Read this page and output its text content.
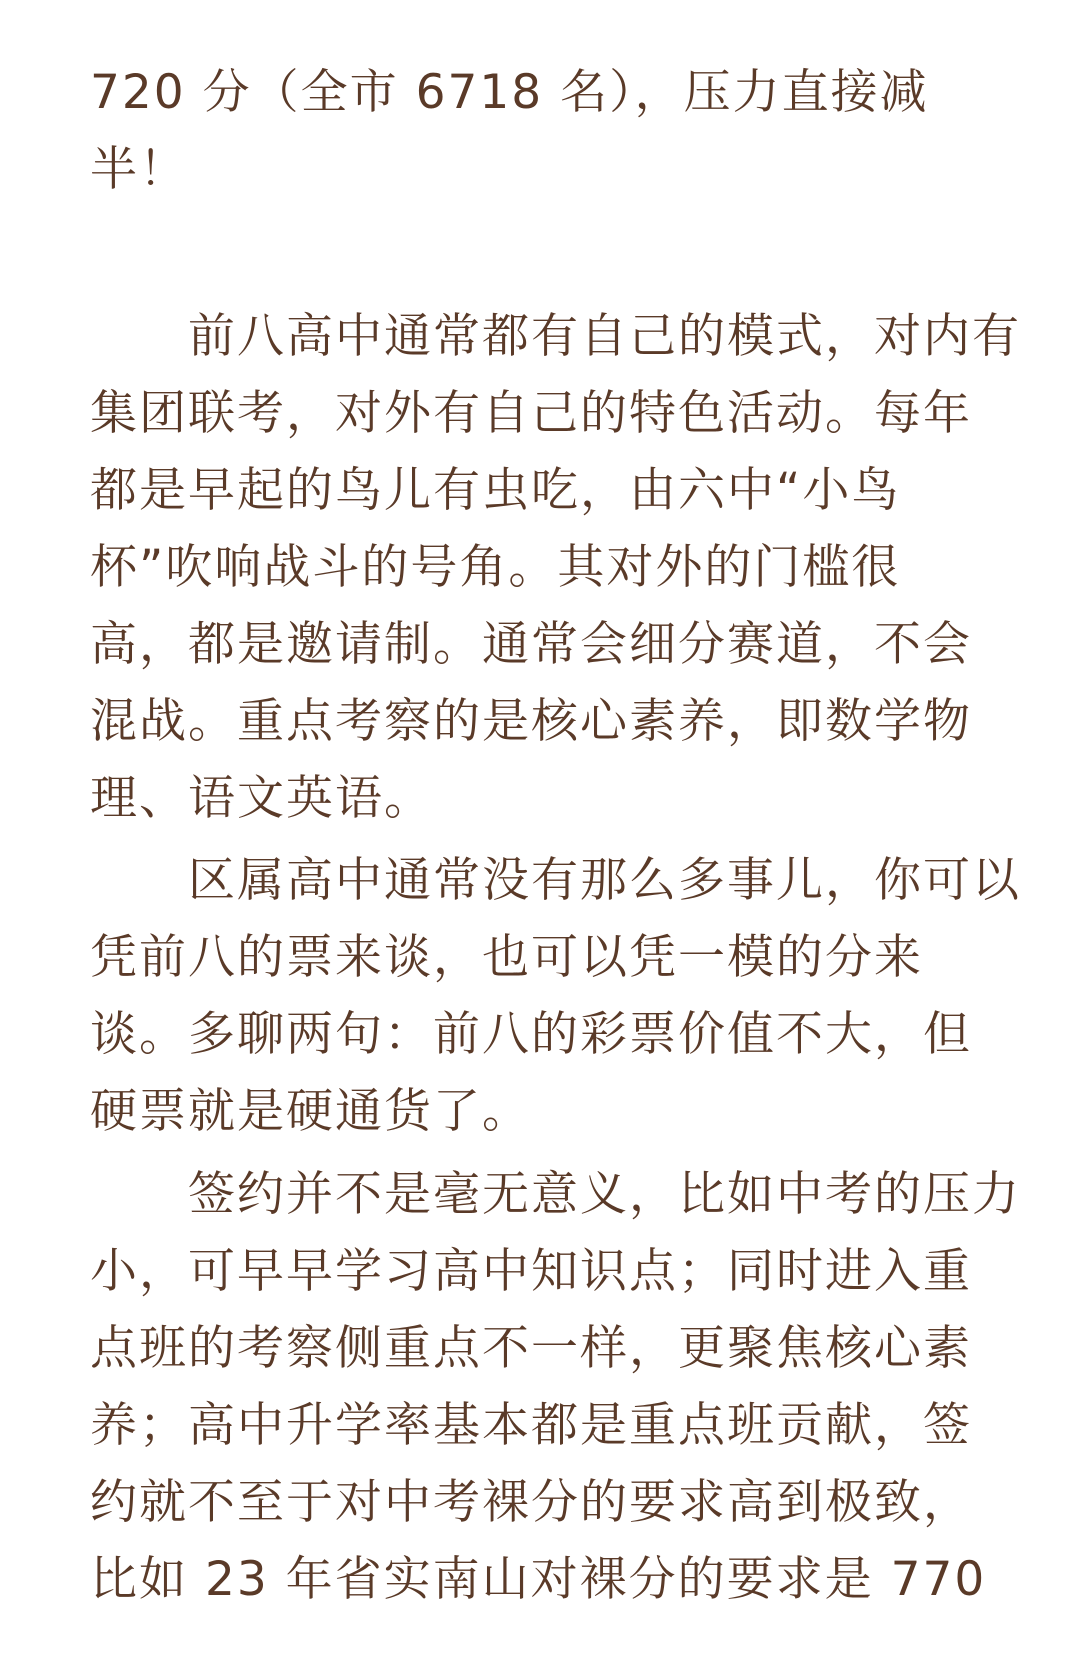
720 分（全市 6718 名），压力直接减
半！
　　前八高中通常都有自己的模式，对内有
集团联考，对外有自己的特色活动。每年
都是早起的鸟儿有虫吃，由六中“小鸟
杯”吹响战斗的号角。其对外的门槛很
高，都是邀请制。通常会细分赛道，不会
混战。重点考察的是核心素养，即数学物
理、语文英语。
　　区属高中通常没有那么多事儿，你可以
凭前八的票来谈，也可以凭一模的分来
谈。多聊两句：前八的彩票价值不大，但
硬票就是硬通货了。
　　签约并不是毫无意义，比如中考的压力
小，可早早学习高中知识点；同时进入重
点班的考察侧重点不一样，更聚焦核心素
养；高中升学率基本都是重点班贡献，签
约就不至于对中考裸分的要求高到极致，
比如 23 年省实南山对裸分的要求是 770
